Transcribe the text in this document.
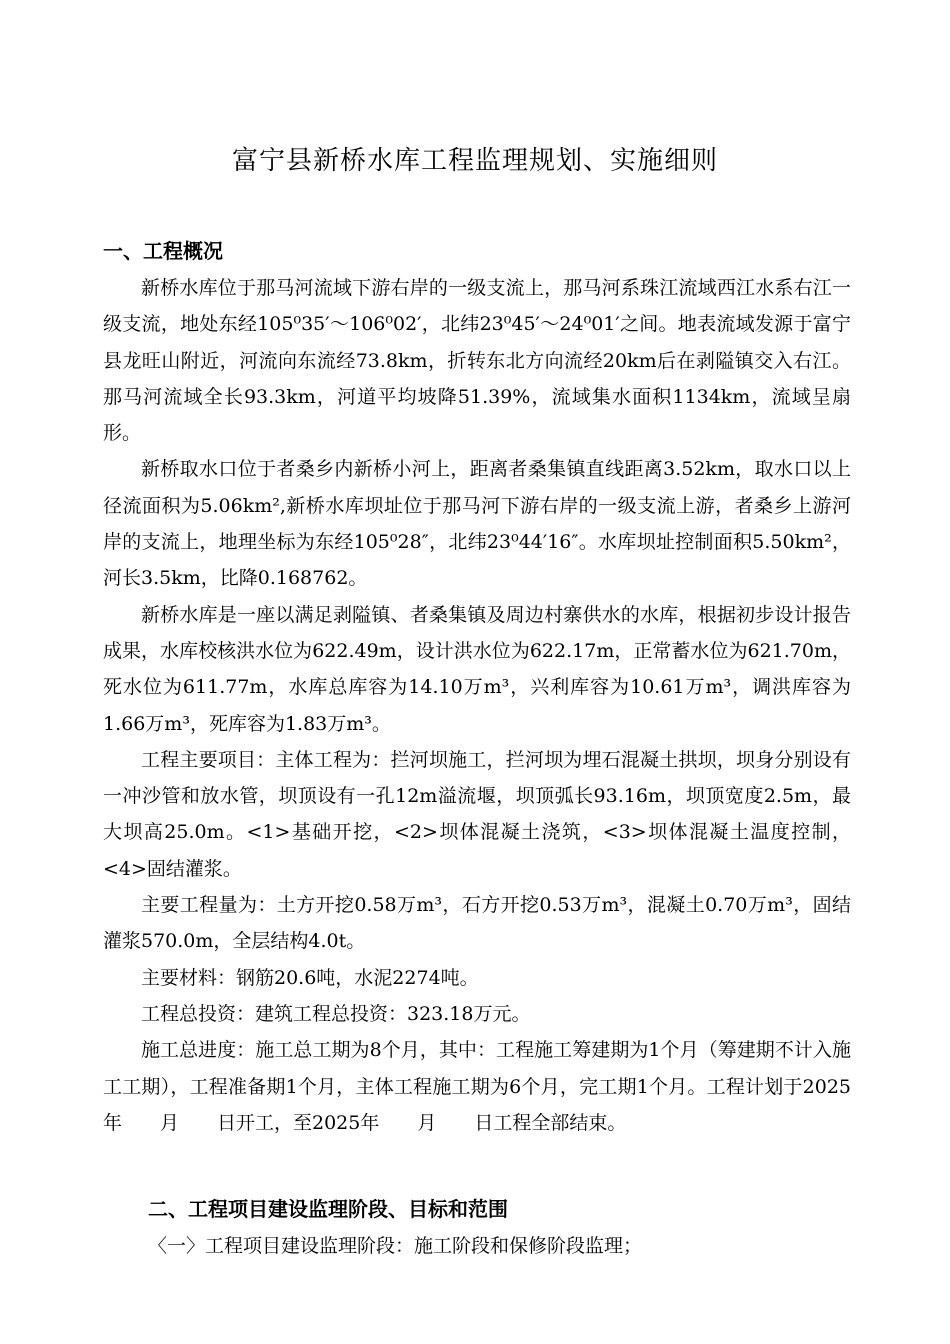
富宁县新桥水库工程监理规划、实施细则
一、工程概况

新桥水库位于那马河流域下游右岸的一级支流上，那马河系珠江流域西江水系右江一级支流，地处东经105⁰35′～106⁰02′，北纬23⁰45′～24⁰01′之间。地表流域发源于富宁县龙旺山附近，河流向东流经73.8km，折转东北方向流经20km后在剥隘镇交入右江。那马河流域全长93.3km，河道平均坡降51.39%，流域集水面积1134km，流域呈扇形。

新桥取水口位于者桑乡内新桥小河上，距离者桑集镇直线距离3.52km，取水口以上径流面积为5.06km²,新桥水库坝址位于那马河下游右岸的一级支流上游，者桑乡上游河岸的支流上，地理坐标为东经105⁰28″，北纬23⁰44′16″。水库坝址控制面积5.50km²，河长3.5km，比降0.168762。

新桥水库是一座以满足剥隘镇、者桑集镇及周边村寨供水的水库，根据初步设计报告成果，水库校核洪水位为622.49m，设计洪水位为622.17m，正常蓄水位为621.70m，死水位为611.77m，水库总库容为14.10万m³，兴利库容为10.61万m³，调洪库容为1.66万m³，死库容为1.83万m³。

工程主要项目：主体工程为：拦河坝施工，拦河坝为埋石混凝土拱坝，坝身分别设有一冲沙管和放水管，坝顶设有一孔12m溢流堰，坝顶弧长93.16m，坝顶宽度2.5m，最大坝高25.0m。<1>基础开挖，<2>坝体混凝土浇筑，<3>坝体混凝土温度控制，<4>固结灌浆。

主要工程量为：土方开挖0.58万m³，石方开挖0.53万m³，混凝土0.70万m³，固结灌浆570.0m，全层结构4.0t。

主要材料：钢筋20.6吨，水泥2274吨。

工程总投资：建筑工程总投资：323.18万元。

施工总进度：施工总工期为8个月，其中：工程施工筹建期为1个月（筹建期不计入施工工期），工程准备期1个月，主体工程施工期为6个月，完工期1个月。工程计划于2025年　　月　　日开工，至2025年　　月　　日工程全部结束。

二、工程项目建设监理阶段、目标和范围
〈一〉工程项目建设监理阶段：施工阶段和保修阶段监理；
